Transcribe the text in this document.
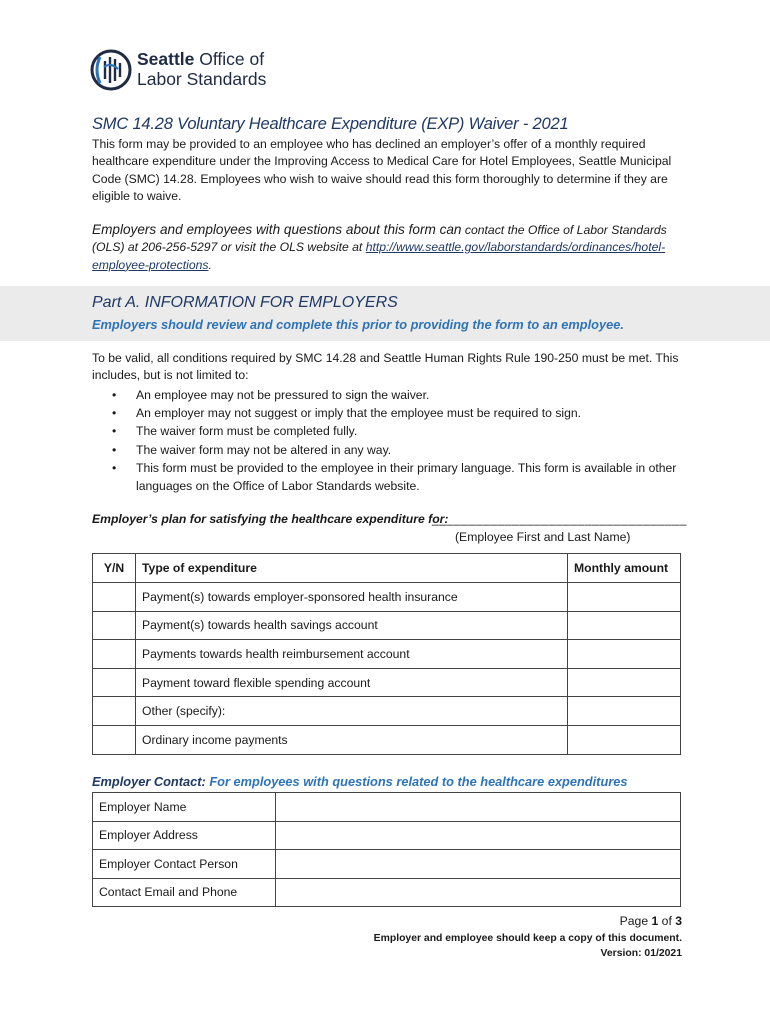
Seattle Office of
Labor Standards
SMC 14.28 Voluntary Healthcare Expenditure (EXP) Waiver - 2021

This form may be provided to an employee who has declined an employer’s offer of a monthly required healthcare expenditure under the Improving Access to Medical Care for Hotel Employees, Seattle Municipal Code (SMC) 14.28. Employees who wish to waive should read this form thoroughly to determine if they are eligible to waive.

Employers and employees with questions about this form can contact the Office of Labor Standards (OLS) at 206-256-5297 or visit the OLS website at http://www.seattle.gov/laborstandards/ordinances/hotel-employee-protections.

Part A. INFORMATION FOR EMPLOYERS

Employers should review and complete this prior to providing the form to an employee.

To be valid, all conditions required by SMC 14.28 and Seattle Human Rights Rule 190-250 must be met. This includes, but is not limited to:

• An employee may not be pressured to sign the waiver.
• An employer may not suggest or imply that the employee must be required to sign.
• The waiver form must be completed fully.
• The waiver form may not be altered in any way.
• This form must be provided to the employee in their primary language. This form is available in other languages on the Office of Labor Standards website.
Employer’s plan for satisfying the healthcare expenditure for:
___________________________________
(Employee First and Last Name)
Y/N	Type of expenditure	Monthly amount
	Payment(s) towards employer-sponsored health insurance	
	Payment(s) towards health savings account	
	Payments towards health reimbursement account	
	Payment toward flexible spending account	
	Other (specify):	
	Ordinary income payments	
Employer Contact: For employees with questions related to the healthcare expenditures
Employer Name	
Employer Address	
Employer Contact Person	
Contact Email and Phone	
Page 1 of 3
Employer and employee should keep a copy of this document.
Version: 01/2021
